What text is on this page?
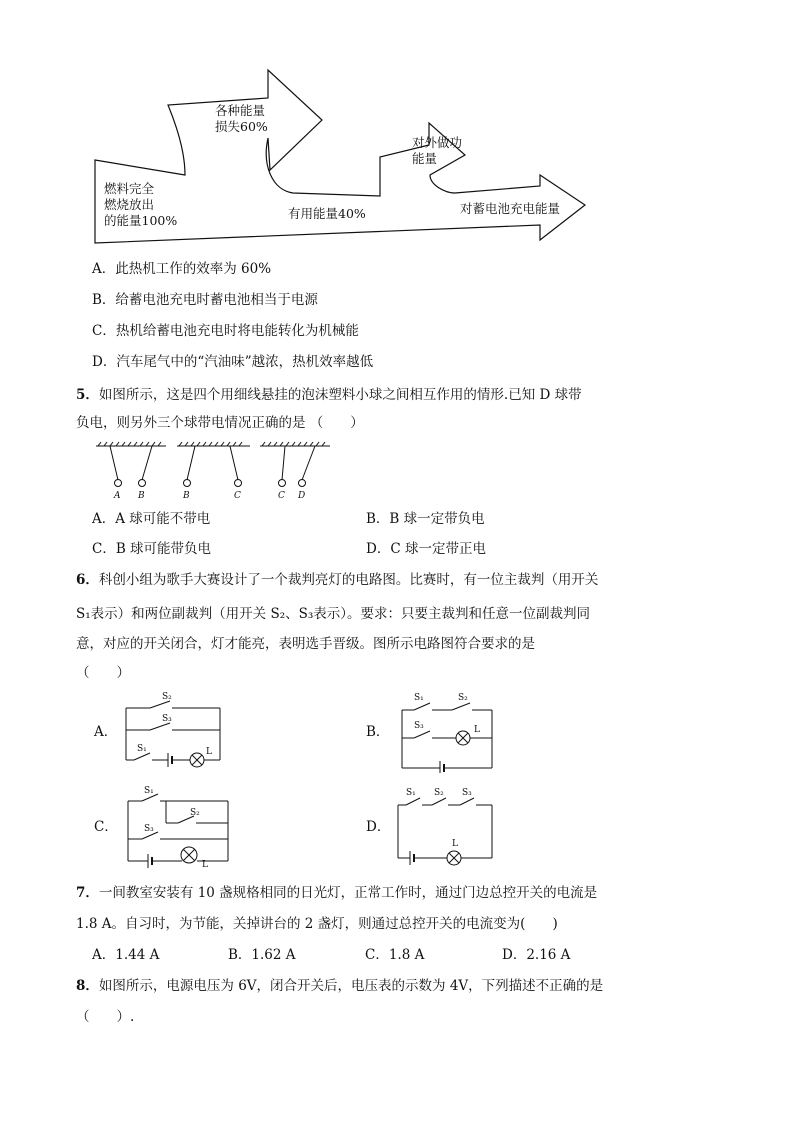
燃料完全
燃烧放出
的能量100%
各种能量
损失60%
有用能量40%
对外做功
能量
对蓄电池充电能量
A．此热机工作的效率为 60%
B．给蓄电池充电时蓄电池相当于电源
C．热机给蓄电池充电时将电能转化为机械能
D．汽车尾气中的“汽油味”越浓，热机效率越低
5．如图所示，这是四个用细线悬挂的泡沫塑料小球之间相互作用的情形.已知 D 球带
负电，则另外三个球带电情况正确的是 （　　）
A B	B	C	C D
A．A 球可能不带电	B．B 球一定带负电
C．B 球可能带负电	D．C 球一定带正电
6．科创小组为歌手大赛设计了一个裁判亮灯的电路图。比赛时，有一位主裁判（用开关
S₁表示）和两位副裁判（用开关 S₂、S₃表示）。要求：只要主裁判和任意一位副裁判同
意，对应的开关闭合，灯才能亮，表明选手晋级。图所示电路图符合要求的是
（　　）
A．	B．
C．	D．
S₂
S₃
S₁	L
S₁	S₂
S₃	L
S₁
S₂
S₃
L
S₁ S₂ S₃
L
7．一间教室安装有 10 盏规格相同的日光灯，正常工作时，通过门边总控开关的电流是
1.8 A。自习时，为节能，关掉讲台的 2 盏灯，则通过总控开关的电流变为(　　)
A．1.44 A	B．1.62 A	C．1.8 A	D．2.16 A
8．如图所示，电源电压为 6V，闭合开关后，电压表的示数为 4V，下列描述不正确的是
（　　）.
